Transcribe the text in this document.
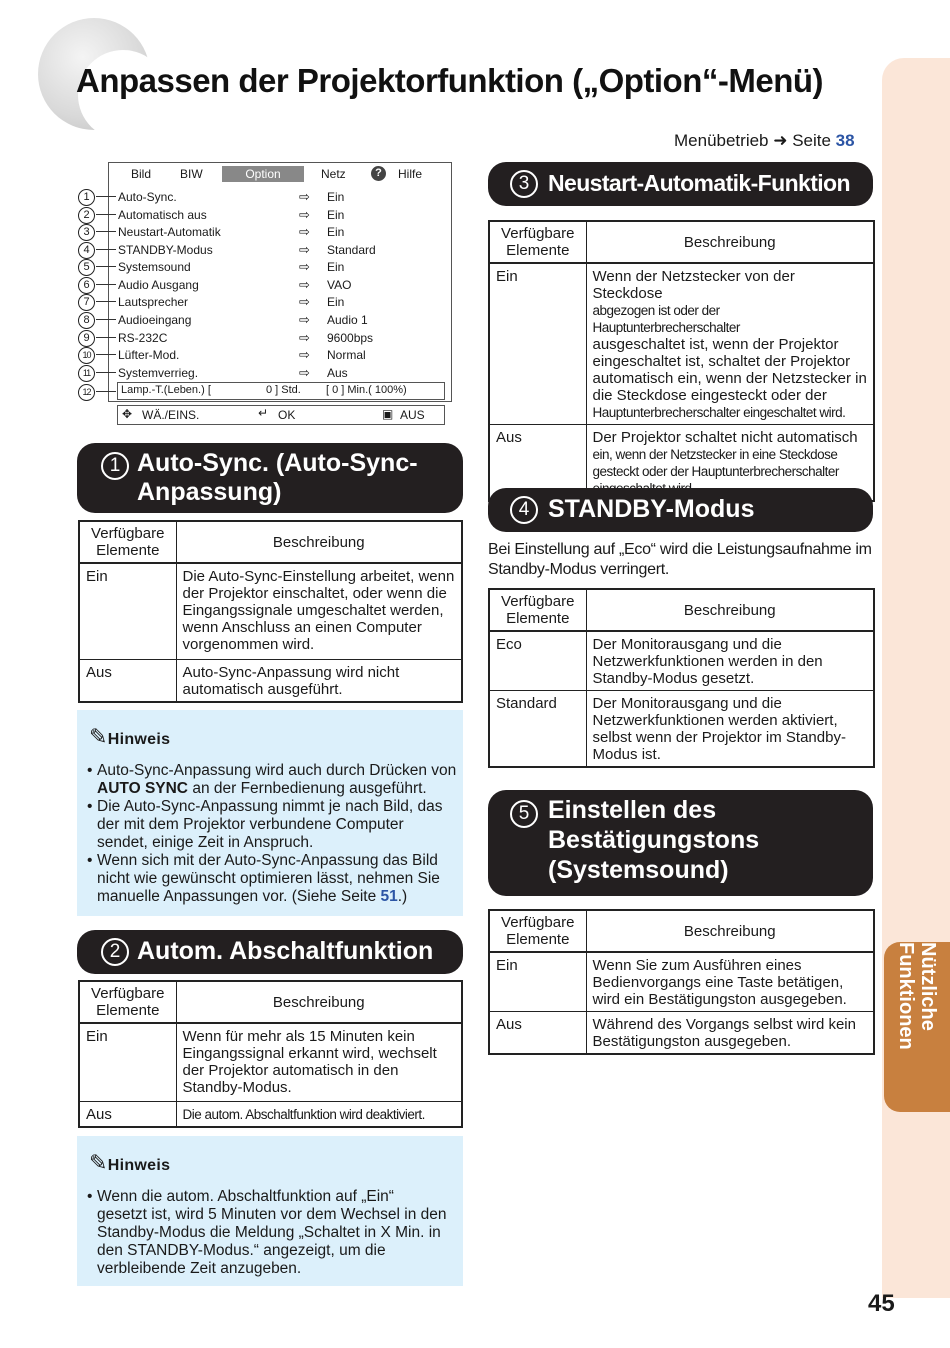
Anpassen der Projektorfunktion („Option“-Menü)
Nützliche Funktionen
Menübetrieb ➜ Seite 38
Bild BIW	Option	Netz	?	Hilfe
Auto-Sync.	⇨ Ein
Automatisch aus	⇨ Ein
Neustart-Automatik	⇨ Ein
STANDBY-Modus	⇨ Standard
Systemsound	⇨ Ein
Audio Ausgang	⇨ VAO
Lautsprecher	⇨ Ein
Audioeingang	⇨ Audio 1
RS-232C	⇨ 9600bps
Lüfter-Mod.	⇨ Normal
Systemverrieg.	⇨ Aus
Lamp.-T.(Leben.) [	0 ] Std. [ 0 ] Min.( 100%)
✥ WÄ./EINS.	↵ OK	▣ AUS
1
2
3
4
5
6
7
8
9
10
11
12
1 Auto-Sync. (Auto-Sync-Anpassung)
Verfügbare Elemente	Beschreibung
Ein	Die Auto-Sync-Einstellung arbeitet, wenn der Projektor einschaltet, oder wenn die Eingangssignale umgeschaltet werden, wenn Anschluss an einen Computer vorgenommen wird.
Aus	Auto-Sync-Anpassung wird nicht automatisch ausgeführt.
✎Hinweis
• Auto-Sync-Anpassung wird auch durch Drücken von AUTO SYNC an der Fernbedienung ausgeführt.
• Die Auto-Sync-Anpassung nimmt je nach Bild, das der mit dem Projektor verbundene Computer sendet, einige Zeit in Anspruch.
• Wenn sich mit der Auto-Sync-Anpassung das Bild nicht wie gewünscht optimieren lässt, nehmen Sie manuelle Anpassungen vor. (Siehe Seite 51.)
2 Autom. Abschaltfunktion
Verfügbare Elemente	Beschreibung
Ein	Wenn für mehr als 15 Minuten kein Eingangssignal erkannt wird, wechselt der Projektor automatisch in den Standby-Modus.
Aus	Die autom. Abschaltfunktion wird deaktiviert.
✎Hinweis
• Wenn die autom. Abschaltfunktion auf „Ein“ gesetzt ist, wird 5 Minuten vor dem Wechsel in den Standby-Modus die Meldung „Schaltet in X Min. in den STANDBY-Modus.“ angezeigt, um die verbleibende Zeit anzugeben.
3 Neustart-Automatik-Funktion
Verfügbare Elemente	Beschreibung
Ein	Wenn der Netzstecker von der Steckdose
abgezogen ist oder der Hauptunterbrecherschalter
ausgeschaltet ist, wenn der Projektor eingeschaltet ist, schaltet der Projektor automatisch ein, wenn der Netzstecker in die Steckdose eingesteckt oder der Hauptunterbrecherschalter eingeschaltet wird.
Aus	Der Projektor schaltet nicht automatisch ein, wenn der Netzstecker in eine Steckdose gesteckt oder der Hauptunterbrecherschalter
4 STANDBY-Modus
Bei Einstellung auf „Eco“ wird die Leistungsaufnahme im Standby-Modus verringert.
Verfügbare Elemente	Beschreibung
Eco	Der Monitorausgang und die Netzwerkfunktionen werden in den Standby-Modus gesetzt.
Standard	Der Monitorausgang und die Netzwerkfunktionen werden aktiviert, selbst wenn der Projektor im Standby-Modus ist.
5 Einstellen des Bestätigungstons (Systemsound)
Verfügbare Elemente	Beschreibung
Ein	Wenn Sie zum Ausführen eines Bedienvorgangs eine Taste betätigen, wird ein Bestätigungston ausgegeben.
Aus	Während des Vorgangs selbst wird kein Bestätigungston ausgegeben.
45
